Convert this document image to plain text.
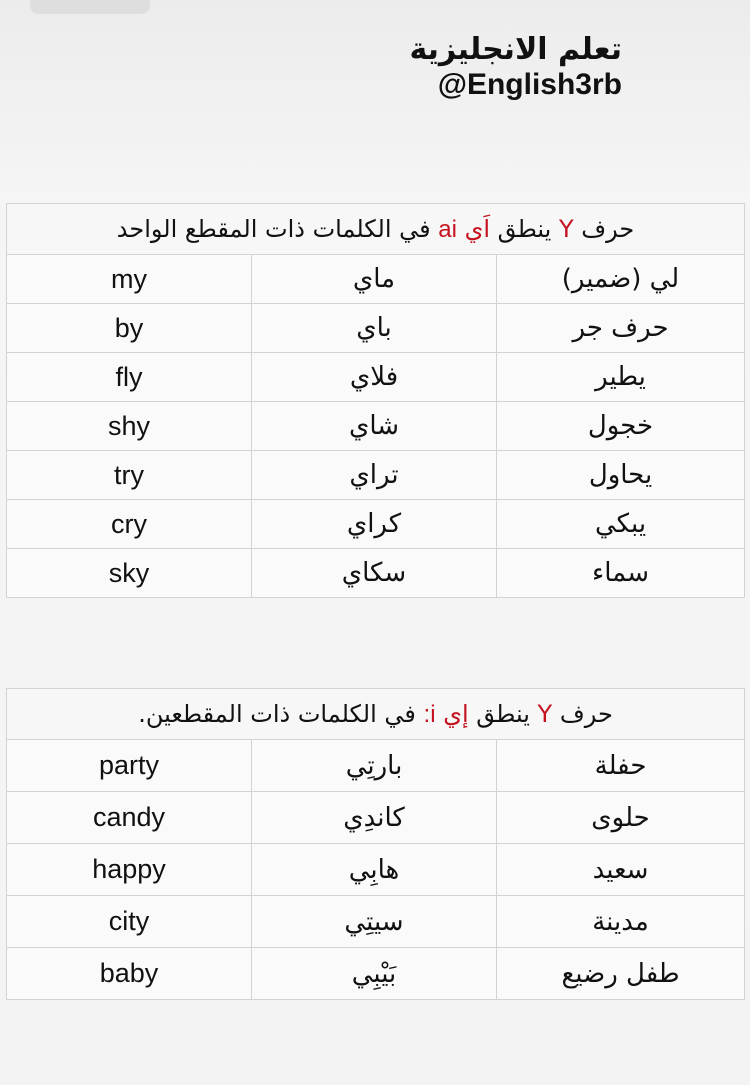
تعلم الانجليزية
@English3rb
حرف Y ينطق اَي ai في الكلمات ذات المقطع الواحد		
my	ماي	لي (ضمير)
by	باي	حرف جر
fly	فلاي	يطير
shy	شاي	خجول
try	تراي	يحاول
cry	كراي	يبكي
sky	سكاي	سماء
حرف Y ينطق إي i: في الكلمات ذات المقطعين.		
party	بارتِي	حفلة
candy	كاندِي	حلوى
happy	هابِي	سعيد
city	سيتِي	مدينة
baby	بَيْبِي	طفل رضيع
